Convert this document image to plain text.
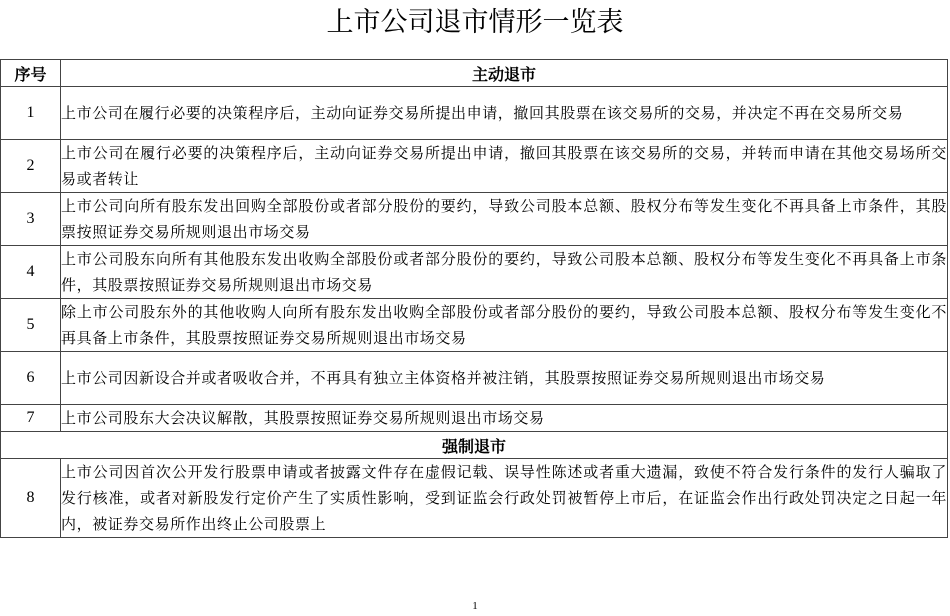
上市公司退市情形一览表
序号	主动退市
1	上市公司在履行必要的决策程序后，主动向证券交易所提出申请，撤回其股票在该交易所的交易，并决定不再在交易所交易
2	上市公司在履行必要的决策程序后，主动向证券交易所提出申请，撤回其股票在该交易所的交易，并转而申请在其他交易场所交易或者转让
3	上市公司向所有股东发出回购全部股份或者部分股份的要约，导致公司股本总额、股权分布等发生变化不再具备上市条件，其股票按照证券交易所规则退出市场交易
4	上市公司股东向所有其他股东发出收购全部股份或者部分股份的要约，导致公司股本总额、股权分布等发生变化不再具备上市条件，其股票按照证券交易所规则退出市场交易
5	除上市公司股东外的其他收购人向所有股东发出收购全部股份或者部分股份的要约，导致公司股本总额、股权分布等发生变化不再具备上市条件，其股票按照证券交易所规则退出市场交易
6	上市公司因新设合并或者吸收合并，不再具有独立主体资格并被注销，其股票按照证券交易所规则退出市场交易
7	上市公司股东大会决议解散，其股票按照证券交易所规则退出市场交易
强制退市	
8	上市公司因首次公开发行股票申请或者披露文件存在虚假记载、误导性陈述或者重大遗漏，致使不符合发行条件的发行人骗取了发行核准，或者对新股发行定价产生了实质性影响，受到证监会行政处罚被暂停上市后，在证监会作出行政处罚决定之日起一年内，被证券交易所作出终止公司股票上
1
